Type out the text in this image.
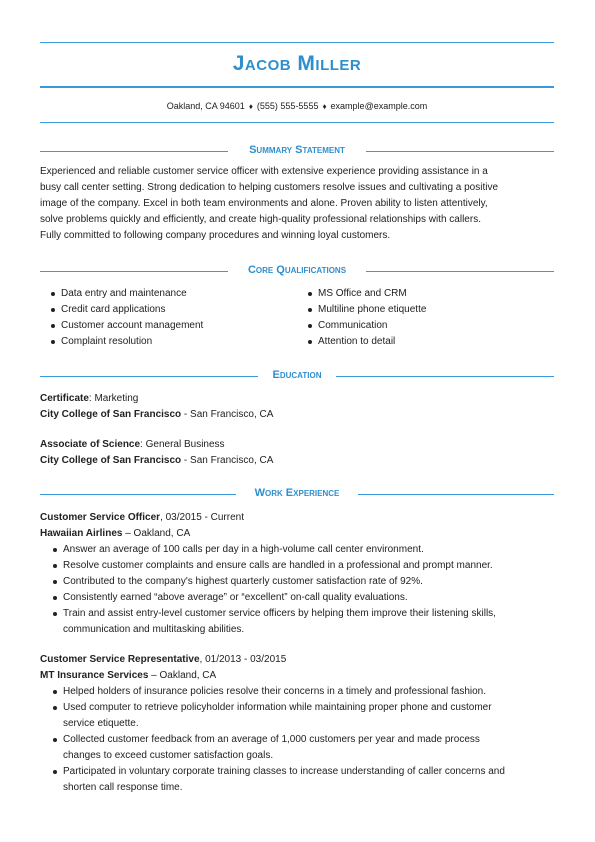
Jacob Miller
Oakland, CA 94601 ♦ (555) 555-5555 ♦ example@example.com
Summary Statement
Experienced and reliable customer service officer with extensive experience providing assistance in a
busy call center setting. Strong dedication to helping customers resolve issues and cultivating a positive
image of the company. Excel in both team environments and alone. Proven ability to listen attentively,
solve problems quickly and efficiently, and create high-quality professional relationships with callers.
Fully committed to following company procedures and winning loyal customers.
Core Qualifications
Data entry and maintenance
Credit card applications
Customer account management
Complaint resolution
MS Office and CRM
Multiline phone etiquette
Communication
Attention to detail
Education
Certificate: Marketing
City College of San Francisco - San Francisco, CA
Associate of Science: General Business
City College of San Francisco - San Francisco, CA
Work Experience
Customer Service Officer, 03/2015 - Current
Hawaiian Airlines – Oakland, CA
Answer an average of 100 calls per day in a high-volume call center environment.
Resolve customer complaints and ensure calls are handled in a professional and prompt manner.
Contributed to the company's highest quarterly customer satisfaction rate of 92%.
Consistently earned “above average” or “excellent” on-call quality evaluations.
Train and assist entry-level customer service officers by helping them improve their listening skills,
communication and multitasking abilities.
Customer Service Representative, 01/2013 - 03/2015
MT Insurance Services – Oakland, CA
Helped holders of insurance policies resolve their concerns in a timely and professional fashion.
Used computer to retrieve policyholder information while maintaining proper phone and customer
service etiquette.
Collected customer feedback from an average of 1,000 customers per year and made process
changes to exceed customer satisfaction goals.
Participated in voluntary corporate training classes to increase understanding of caller concerns and
shorten call response time.
